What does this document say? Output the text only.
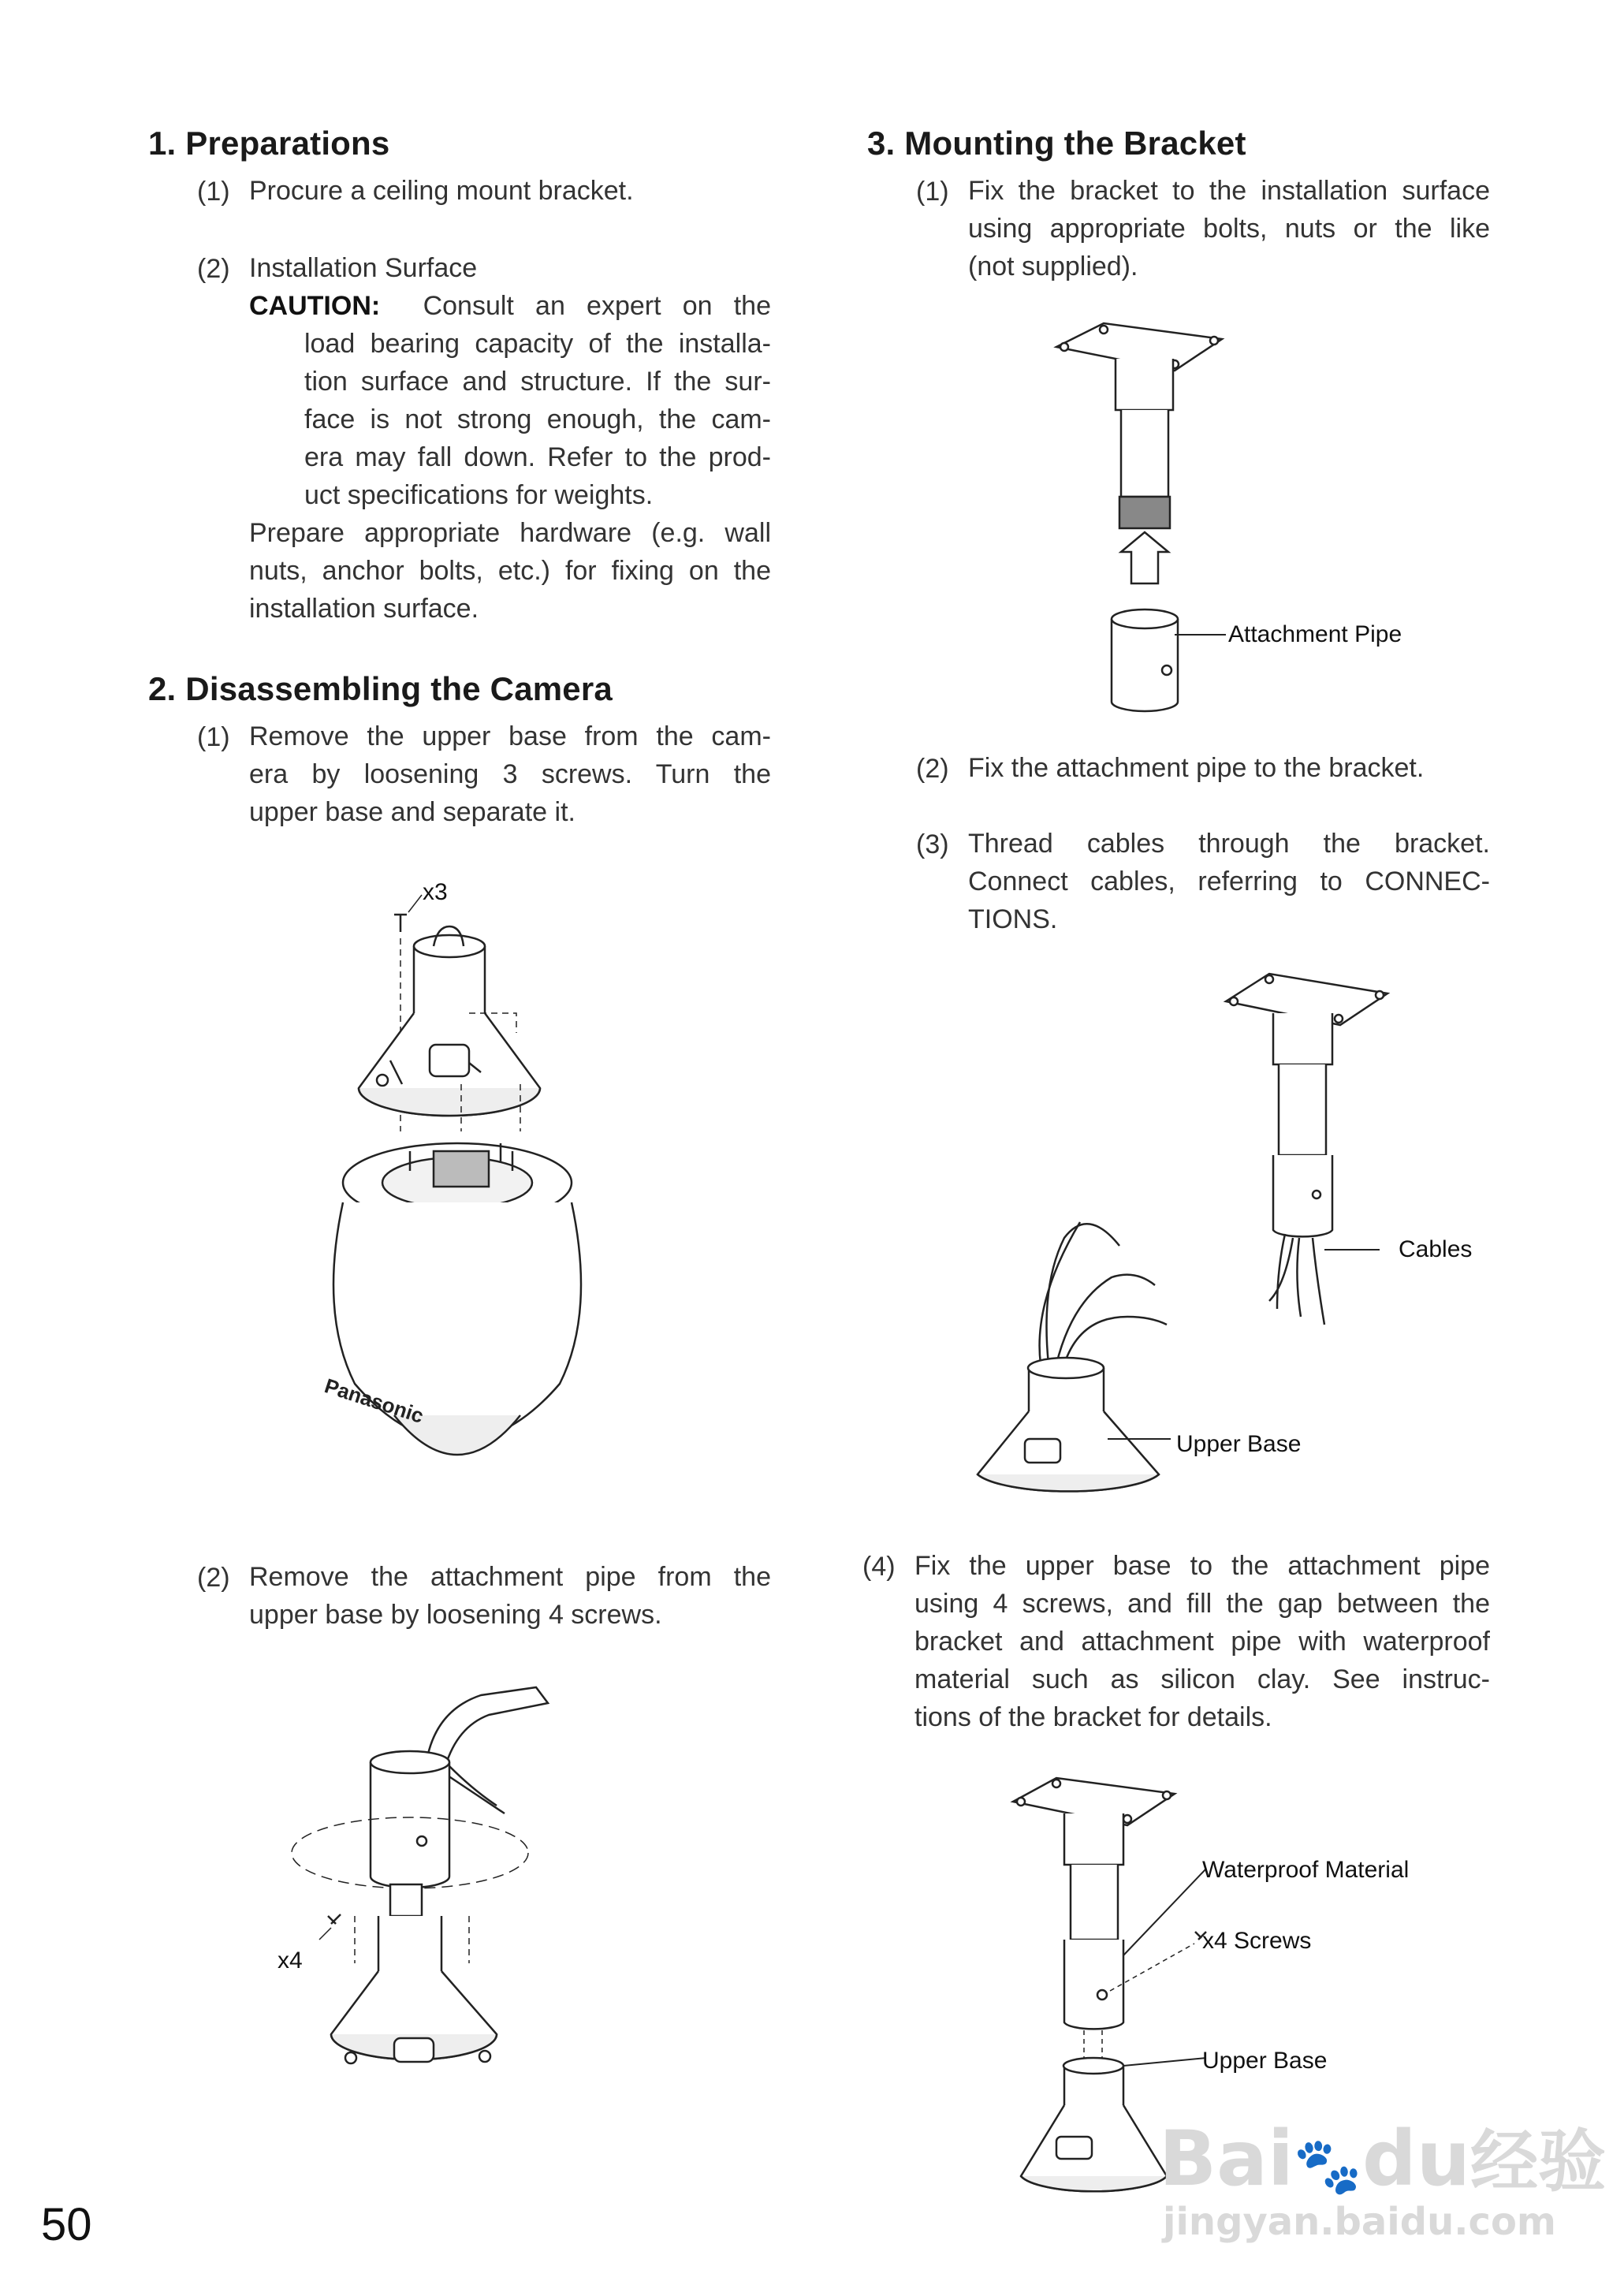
1. Preparations
(1) Procure a ceiling mount bracket.
(2) Installation Surface
CAUTION: Consult an expert on the
load bearing capacity of the installa-
tion surface and structure. If the sur-
face is not strong enough, the cam-
era may fall down. Refer to the prod-
uct specifications for weights.
Prepare appropriate hardware (e.g. wall
nuts, anchor bolts, etc.) for fixing on the
installation surface.
2. Disassembling the Camera
(1) Remove the upper base from the cam-
era by loosening 3 screws. Turn the
upper base and separate it.
Panasonic
x3
(2) Remove the attachment pipe from the
upper base by loosening 4 screws.
x4
3. Mounting the Bracket
(1) Fix the bracket to the installation surface
using appropriate bolts, nuts or the like
(not supplied).
Attachment Pipe
(2) Fix the attachment pipe to the bracket.
(3) Thread cables through the bracket.
Connect cables, referring to CONNEC-
TIONS.
Cables
Upper Base
(4) Fix the upper base to the attachment pipe
using 4 screws, and fill the gap between the
bracket and attachment pipe with waterproof
material such as silicon clay. See instruc-
tions of the bracket for details.
Waterproof Material
x4 Screws
Upper Base
50
Bai🐾du经验
jingyan.baidu.com
